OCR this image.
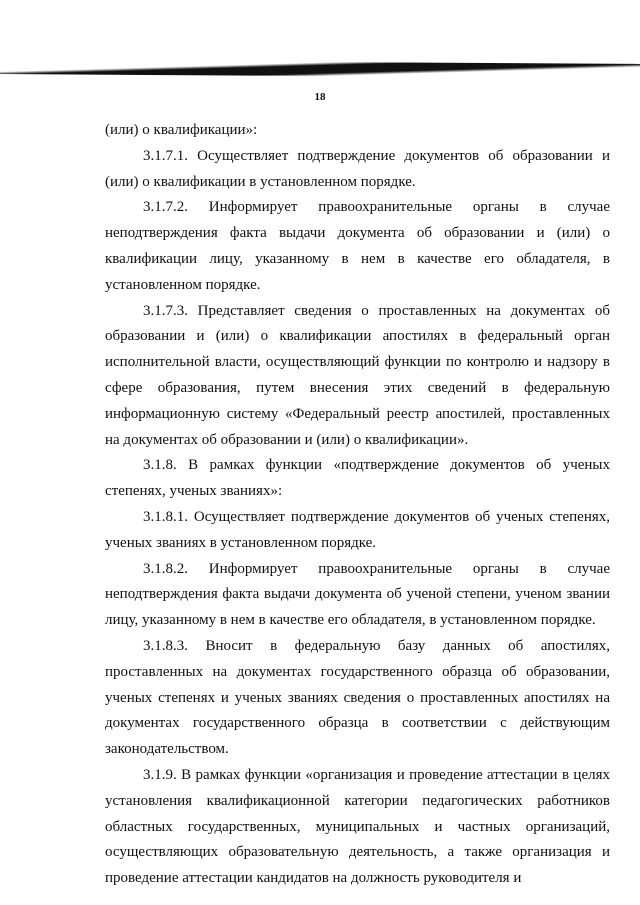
18

(или) о квалификации»:

3.1.7.1. Осуществляет подтверждение документов об образовании и (или) о квалификации в установленном порядке.

3.1.7.2. Информирует правоохранительные органы в случае неподтверждения факта выдачи документа об образовании и (или) о квалификации лицу, указанному в нем в качестве его обладателя, в установленном порядке.

3.1.7.3. Представляет сведения о проставленных на документах об образовании и (или) о квалификации апостилях в федеральный орган исполнительной власти, осуществляющий функции по контролю и надзору в сфере образования, путем внесения этих сведений в федеральную информационную систему «Федеральный реестр апостилей, проставленных на документах об образовании и (или) о квалификации».

3.1.8. В рамках функции «подтверждение документов об ученых степенях, ученых званиях»:

3.1.8.1. Осуществляет подтверждение документов об ученых степенях, ученых званиях в установленном порядке.

3.1.8.2. Информирует правоохранительные органы в случае неподтверждения факта выдачи документа об ученой степени, ученом звании лицу, указанному в нем в качестве его обладателя, в установленном порядке.

3.1.8.3. Вносит в федеральную базу данных об апостилях, проставленных на документах государственного образца об образовании, ученых степенях и ученых званиях сведения о проставленных апостилях на документах государственного образца в соответствии с действующим законодательством.

3.1.9. В рамках функции «организация и проведение аттестации в целях установления квалификационной категории педагогических работников областных государственных, муниципальных и частных организаций, осуществляющих образовательную деятельность, а также организация и проведение аттестации кандидатов на должность руководителя и
